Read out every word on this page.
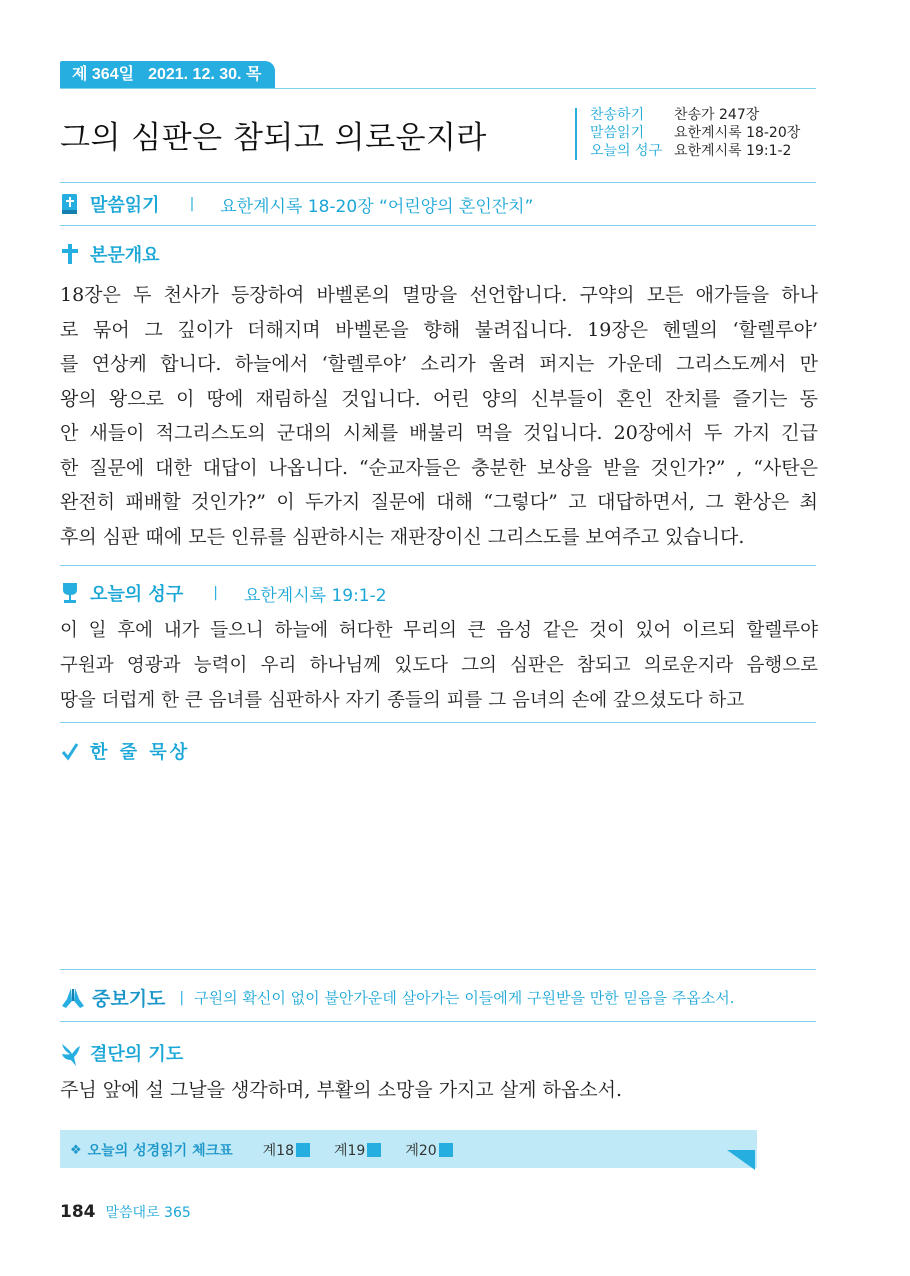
제 364일 2021. 12. 30. 목
그의 심판은 참되고 의로운지라
찬송하기	찬송가 247장
말씀읽기	요한계시록 18-20장
오늘의 성구 요한계시록 19:1-2
말씀읽기 | 요한계시록 18-20장 “어린양의 혼인잔치”
본문개요
18장은 두 천사가 등장하여 바벨론의 멸망을 선언합니다. 구약의 모든 애가들을 하나
로 묶어 그 깊이가 더해지며 바벨론을 향해 불려집니다. 19장은 헨델의 ‘할렐루야’
를 연상케 합니다. 하늘에서 ‘할렐루야’ 소리가 울려 퍼지는 가운데 그리스도께서 만
왕의 왕으로 이 땅에 재림하실 것입니다. 어린 양의 신부들이 혼인 잔치를 즐기는 동
안 새들이 적그리스도의 군대의 시체를 배불리 먹을 것입니다. 20장에서 두 가지 긴급
한 질문에 대한 대답이 나옵니다. “순교자들은 충분한 보상을 받을 것인가?” , “사탄은
완전히 패배할 것인가?” 이 두가지 질문에 대해 “그렇다” 고 대답하면서, 그 환상은 최
후의 심판 때에 모든 인류를 심판하시는 재판장이신 그리스도를 보여주고 있습니다.
오늘의 성구 | 요한계시록 19:1-2
이 일 후에 내가 들으니 하늘에 허다한 무리의 큰 음성 같은 것이 있어 이르되 할렐루야
구원과 영광과 능력이 우리 하나님께 있도다 그의 심판은 참되고 의로운지라 음행으로
땅을 더럽게 한 큰 음녀를 심판하사 자기 종들의 피를 그 음녀의 손에 갚으셨도다 하고
한 줄 묵상
중보기도 | 구원의 확신이 없이 불안가운데 살아가는 이들에게 구원받을 만한 믿음을 주옵소서.
결단의 기도
주님 앞에 설 그날을 생각하며, 부활의 소망을 가지고 살게 하옵소서.
❖ 오늘의 성경읽기 체크표 계18	계19	계20
184 말씀대로 365
